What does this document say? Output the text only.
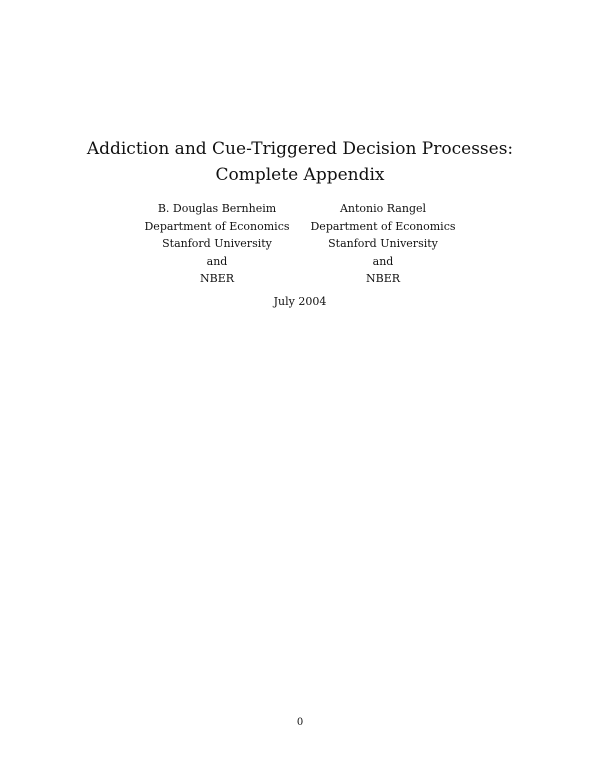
Addiction and Cue-Triggered Decision Processes:
Complete Appendix
B. Douglas Bernheim
Department of Economics
Stanford University
and
NBER
Antonio Rangel
Department of Economics
Stanford University
and
NBER
July 2004
0
